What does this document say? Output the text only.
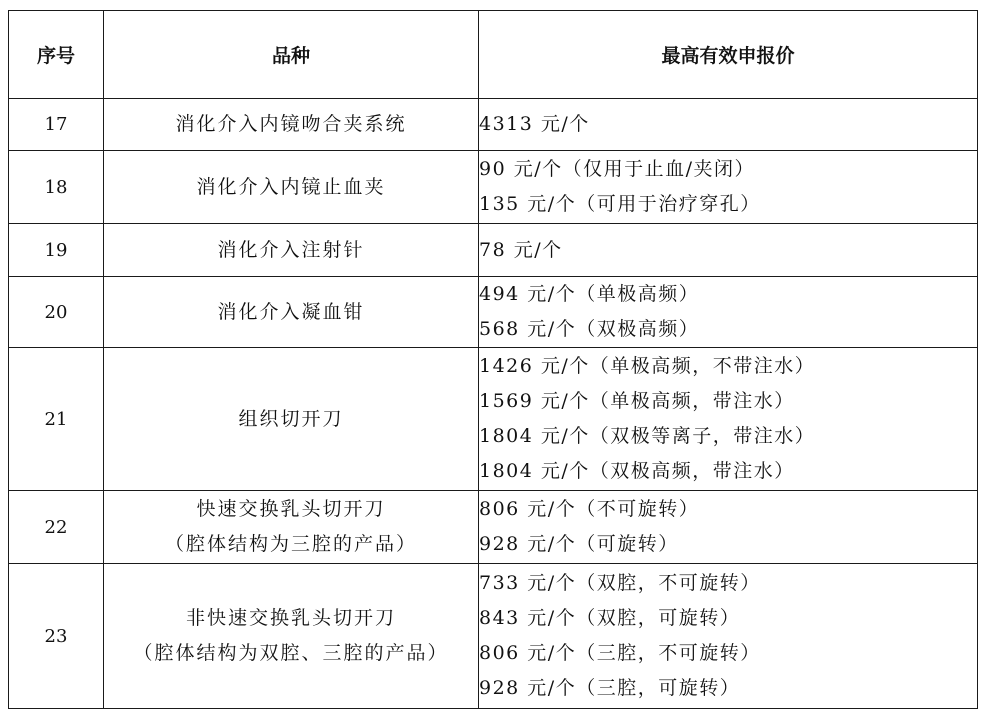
序号	品种	最高有效申报价
17	消化介入内镜吻合夹系统	4313 元/个

18	消化介入内镜止血夹	90 元/个（仅用于止血/夹闭）
135 元/个（可用于治疗穿孔）

19	消化介入注射针	78 元/个

20	消化介入凝血钳	494 元/个（单极高频）
568 元/个（双极高频）

21	组织切开刀	1426 元/个（单极高频，不带注水）
1569 元/个（单极高频，带注水）
1804 元/个（双极等离子，带注水）
1804 元/个（双极高频，带注水）

22	快速交换乳头切开刀
（腔体结构为三腔的产品）	806 元/个（不可旋转）
928 元/个（可旋转）

23	非快速交换乳头切开刀
（腔体结构为双腔、三腔的产品）	733 元/个（双腔，不可旋转）
843 元/个（双腔，可旋转）
806 元/个（三腔，不可旋转）
928 元/个（三腔，可旋转）
